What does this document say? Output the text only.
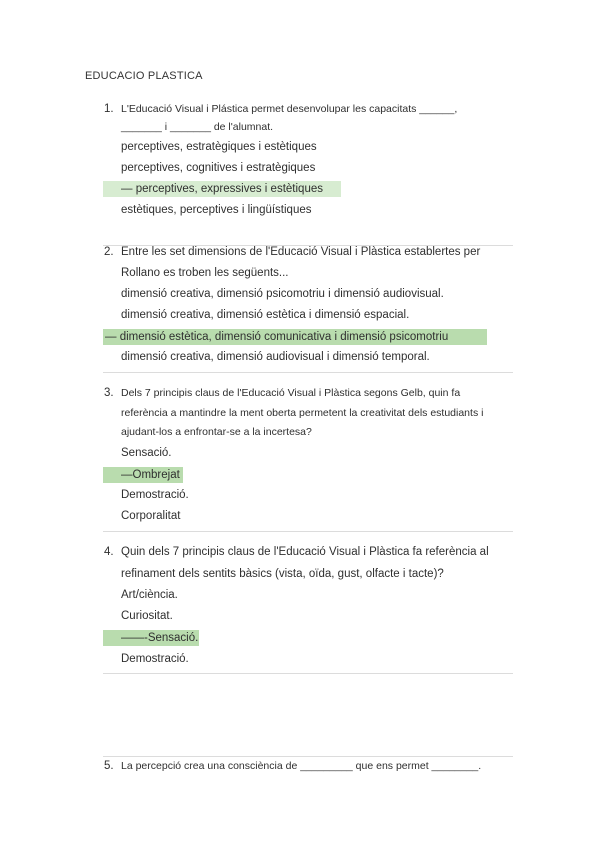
EDUCACIO PLASTICA
1. L'Educació Visual i Plástica permet desenvolupar les capacitats ______,
_______ i _______ de l'alumnat.
perceptives, estratègiques i estètiques
perceptives, cognitives i estratègiques
— perceptives, expressives i estètiques
estètiques, perceptives i lingüístiques
2. Entre les set dimensions de l'Educació Visual i Plàstica establertes per
Rollano es troben les següents...
dimensió creativa, dimensió psicomotriu i dimensió audiovisual.
dimensió creativa, dimensió estètica i dimensió espacial.
— dimensió estètica, dimensió comunicativa i dimensió psicomotriu
dimensió creativa, dimensió audiovisual i dimensió temporal.
3. Dels 7 principis claus de l'Educació Visual i Plàstica segons Gelb, quin fa
referència a mantindre la ment oberta permetent la creativitat dels estudiants i
ajudant-los a enfrontar-se a la incertesa?
Sensació.
—Ombrejat
Demostració.
Corporalitat
4. Quin dels 7 principis claus de l'Educació Visual i Plàstica fa referència al
refinament dels sentits bàsics (vista, oïda, gust, olfacte i tacte)?
Art/ciència.
Curiositat.
——-Sensació.
Demostració.
5. La percepció crea una consciència de _________ que ens permet ________.
